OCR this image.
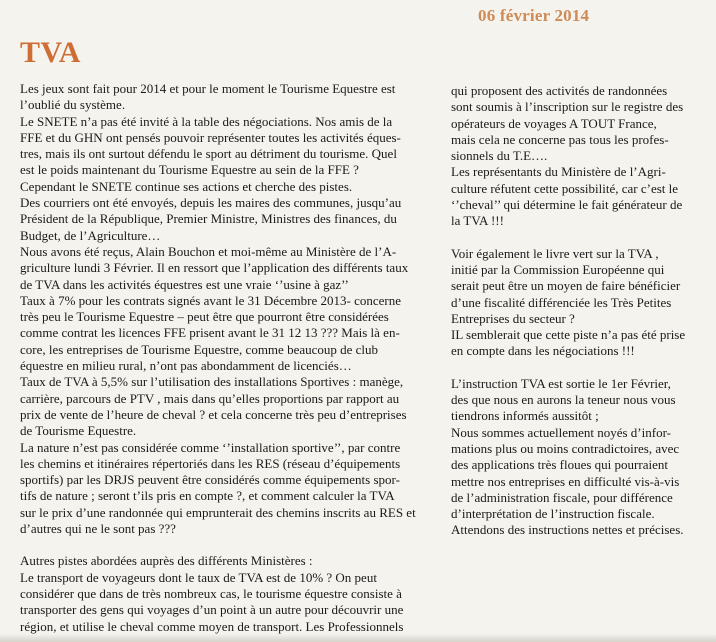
06 février 2014
TVA

Les jeux sont fait pour 2014 et pour le moment le Tourisme Equestre est
l’oublié du système.

Le SNETE n’a pas été invité à la table des négociations. Nos amis de la
FFE et du GHN ont pensés pouvoir représenter toutes les activités éques-
tres, mais ils ont surtout défendu le sport au détriment du tourisme. Quel
est le poids maintenant du Tourisme Equestre au sein de la FFE ?

Cependant le SNETE continue ses actions et cherche des pistes.

Des courriers ont été envoyés, depuis les maires des communes, jusqu’au
Président de la République, Premier Ministre, Ministres des finances, du
Budget, de l’Agriculture…

Nous avons été reçus, Alain Bouchon et moi-même au Ministère de l’A-
griculture lundi 3 Février. Il en ressort que l’application des différents taux
de TVA dans les activités équestres est une vraie ‘’usine à gaz’’

Taux à 7% pour les contrats signés avant le 31 Décembre 2013- concerne
très peu le Tourisme Equestre – peut être que pourront être considérées
comme contrat les licences FFE prisent avant le 31 12 13 ??? Mais là en-
core, les entreprises de Tourisme Equestre, comme beaucoup de club
équestre en milieu rural, n’ont pas abondamment de licenciés…

Taux de TVA à 5,5% sur l’utilisation des installations Sportives : manège,
carrière, parcours de PTV , mais dans qu’elles proportions par rapport au
prix de vente de l’heure de cheval ? et cela concerne très peu d’entreprises
de Tourisme Equestre.

La nature n’est pas considérée comme ‘’installation sportive’’, par contre
les chemins et itinéraires répertoriés dans les RES (réseau d’équipements
sportifs) par les DRJS peuvent être considérés comme équipements spor-
tifs de nature ; seront t’ils pris en compte ?, et comment calculer la TVA
sur le prix d’une randonnée qui emprunterait des chemins inscrits au RES et
d’autres qui ne le sont pas ???

Autres pistes abordées auprès des différents Ministères :
Le transport de voyageurs dont le taux de TVA est de 10% ? On peut
considérer que dans de très nombreux cas, le tourisme équestre consiste à
transporter des gens qui voyages d’un point à un autre pour découvrir une
région, et utilise le cheval comme moyen de transport. Les Professionnels

qui proposent des activités de randonnées
sont soumis à l’inscription sur le registre des
opérateurs de voyages A TOUT France,
mais cela ne concerne pas tous les profes-
sionnels du T.E….

Les représentants du Ministère de l’Agri-
culture réfutent cette possibilité, car c’est le
‘’cheval’’ qui détermine le fait générateur de
la TVA !!!

Voir également le livre vert sur la TVA ,
initié par la Commission Européenne qui
serait peut être un moyen de faire bénéficier
d’une fiscalité différenciée les Très Petites
Entreprises du secteur ?

IL semblerait que cette piste n’a pas été prise
en compte dans les négociations !!!

L’instruction TVA est sortie le 1er Février,
des que nous en aurons la teneur nous vous
tiendrons informés aussitôt ;

Nous sommes actuellement noyés d’infor-
mations plus ou moins contradictoires, avec
des applications très floues qui pourraient
mettre nos entreprises en difficulté vis-à-vis
de l’administration fiscale, pour différence
d’interprétation de l’instruction fiscale.
Attendons des instructions nettes et précises.
